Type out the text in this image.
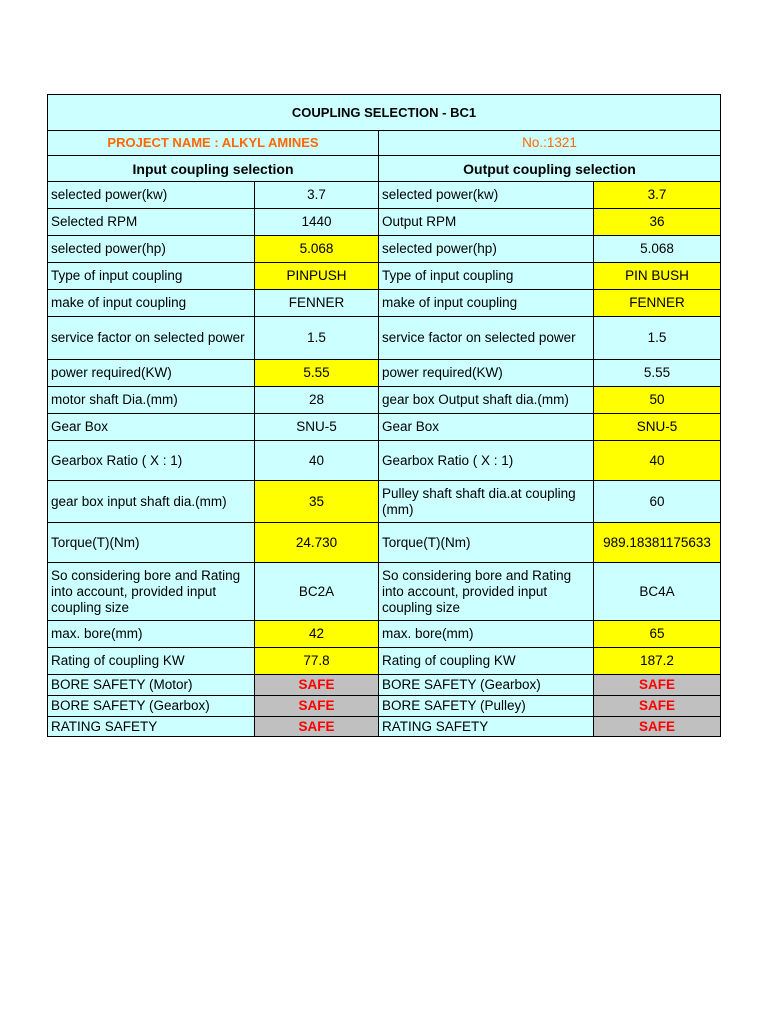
COUPLING SELECTION - BC1			
PROJECT NAME : ALKYL AMINES		No.:1321	
Input coupling selection		Output coupling selection	
selected power(kw)	3.7	selected power(kw)	3.7
Selected RPM	1440	Output RPM	36
selected power(hp)	5.068	selected power(hp)	5.068
Type of input coupling	PINPUSH	Type of input coupling	PIN BUSH
make of input coupling	FENNER	make of input coupling	FENNER
service factor on selected power	1.5	service factor on selected power	1.5
power required(KW)	5.55	power required(KW)	5.55
motor shaft Dia.(mm)	28	gear box Output shaft dia.(mm)	50
Gear Box	SNU-5	Gear Box	SNU-5
Gearbox Ratio ( X : 1)	40	Gearbox Ratio ( X : 1)	40
gear box input shaft dia.(mm)	35	Pulley shaft shaft dia.at coupling (mm)	60
Torque(T)(Nm)	24.730	Torque(T)(Nm)	989.18381175633
So considering bore and Rating into account, provided input coupling size	BC2A	So considering bore and Rating into account, provided input coupling size	BC4A
max. bore(mm)	42	max. bore(mm)	65
Rating of coupling KW	77.8	Rating of coupling KW	187.2
BORE SAFETY (Motor)	SAFE	BORE SAFETY (Gearbox)	SAFE
BORE SAFETY (Gearbox)	SAFE	BORE SAFETY (Pulley)	SAFE
RATING SAFETY	SAFE	RATING SAFETY	SAFE
